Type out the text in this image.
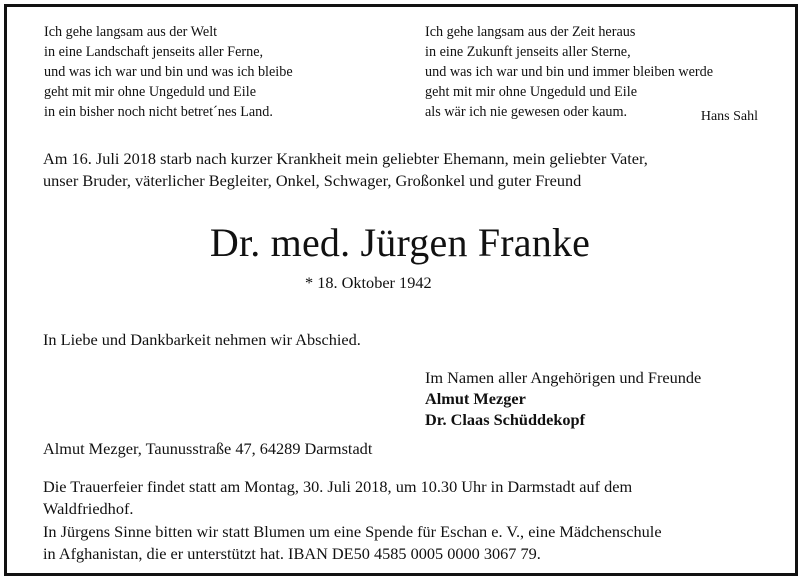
Ich gehe langsam aus der Welt
in eine Landschaft jenseits aller Ferne,
und was ich war und bin und was ich bleibe
geht mit mir ohne Ungeduld und Eile
in ein bisher noch nicht betret´nes Land.
Ich gehe langsam aus der Zeit heraus
in eine Zukunft jenseits aller Sterne,
und was ich war und bin und immer bleiben werde
geht mit mir ohne Ungeduld und Eile
als wär ich nie gewesen oder kaum.	Hans Sahl
Am 16. Juli 2018 starb nach kurzer Krankheit mein geliebter Ehemann, mein geliebter Vater,
unser Bruder, väterlicher Begleiter, Onkel, Schwager, Großonkel und guter Freund
Dr. med. Jürgen Franke
* 18. Oktober 1942
In Liebe und Dankbarkeit nehmen wir Abschied.
Im Namen aller Angehörigen und Freunde
Almut Mezger
Dr. Claas Schüddekopf
Almut Mezger, Taunusstraße 47, 64289 Darmstadt
Die Trauerfeier findet statt am Montag, 30. Juli 2018, um 10.30 Uhr in Darmstadt auf dem
Waldfriedhof.
In Jürgens Sinne bitten wir statt Blumen um eine Spende für Eschan e. V., eine Mädchenschule
in Afghanistan, die er unterstützt hat. IBAN DE50 4585 0005 0000 3067 79.
